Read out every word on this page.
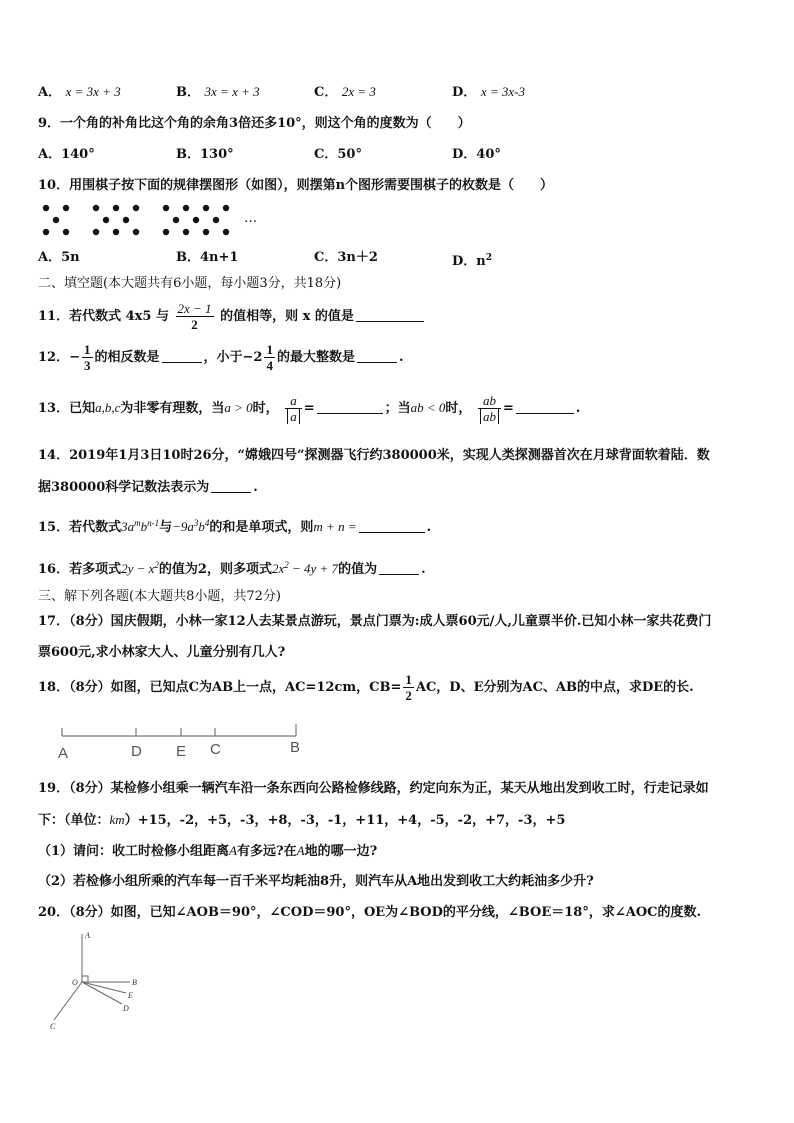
A． x = 3x + 3	B． 3x = x + 3	C． 2x = 3	D． x = 3x-3
9．一个角的补角比这个角的余角3倍还多10°，则这个角的度数为（　　）
A．140°	B．130°	C．50°	D．40°
10．用围棋子按下面的规律摆图形（如图），则摆第n个图形需要围棋子的枚数是（　　）
…
A．5n	B．4n+1	C．3n＋2	D．$n^2$
二、填空题(本大题共有6小题，每小题3分，共18分)
11．若代数式 4x5 与 $\frac{2x - 1}{2}$ 的值相等，则 x 的值是
12．− $\frac{1}{3}$ 的相反数是	，小于$-2 \frac{1}{4}$ 的最大整数是	.
13．已知a,b,c为非零有理数，当a > 0时， $\frac{a}{a}$ =	；当ab < 0时， $\frac{ab}{ab}$ =	.
14．2019年1月3日10时26分，“嫦娥四号”探测器飞行约380000米，实现人类探测器首次在月球背面软着陆．数
据380000科学记数法表示为	.
15．若代数式$3a^mb^{n-1}$与$-9a^3b^4$的和是单项式，则m + n =	.
16．若多项式$2y - x^2$的值为2，则多项式$2x^2 - 4y + 7$的值为	.
三、解下列各题(本大题共8小题，共72分)
17．（8分）国庆假期，小林一家12人去某景点游玩，景点门票为:成人票60元/人,儿童票半价.已知小林一家共花费门
票600元,求小林家大人、儿童分别有几人?
18．（8分）如图，已知点C为AB上一点，AC=12cm，$CB= \frac{1}{2}$ AC，D、E分别为AC、AB的中点，求DE的长.
A	D E C	B
19．（8分）某检修小组乘一辆汽车沿一条东西向公路检修线路，约定向东为正，某天从地出发到收工时，行走记录如
下：（单位：km）+15，-2，+5，-3，+8，-3，-1，+11，+4，-5，-2，+7，-3，+5
（1）请问：收工时检修小组距离A有多远?在A地的哪一边?
（2）若检修小组所乘的汽车每一百千米平均耗油8升，则汽车从A地出发到收工大约耗油多少升?
20．（8分）如图，已知∠AOB＝90°，∠COD＝90°，OE为∠BOD的平分线，∠BOE＝18°，求∠AOC的度数.
A
O	B
E
D
C
